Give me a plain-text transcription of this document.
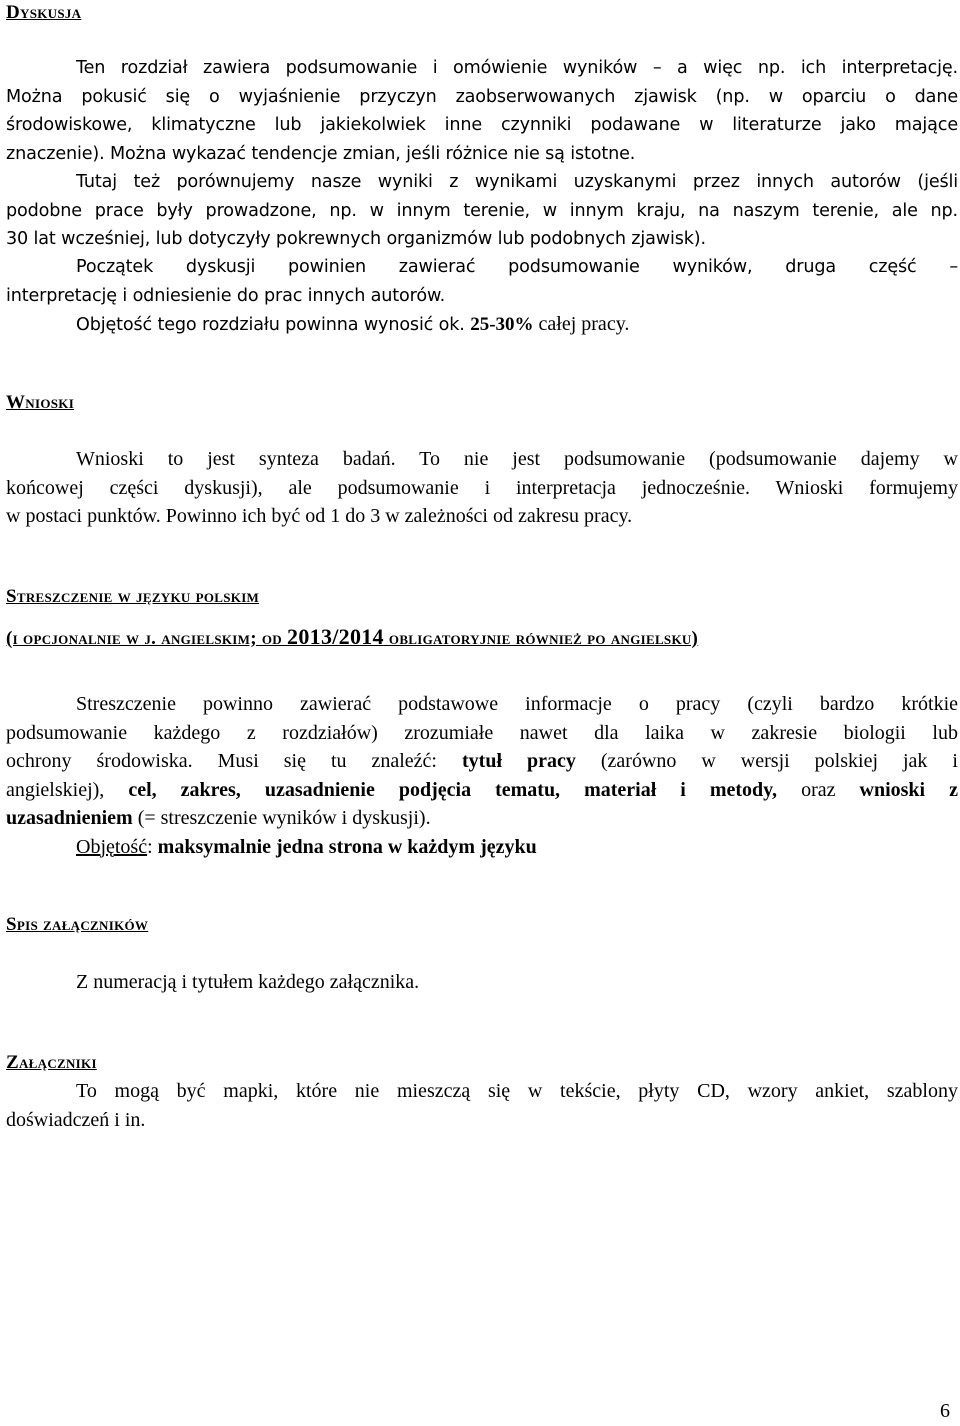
Dyskusja
Ten rozdział zawiera podsumowanie i omówienie wyników – a więc np. ich interpretację.
Można pokusić się o wyjaśnienie przyczyn zaobserwowanych zjawisk (np. w oparciu o dane
środowiskowe, klimatyczne lub jakiekolwiek inne czynniki podawane w literaturze jako mające
znaczenie). Można wykazać tendencje zmian, jeśli różnice nie są istotne.
Tutaj też porównujemy nasze wyniki z wynikami uzyskanymi przez innych autorów (jeśli
podobne prace były prowadzone, np. w innym terenie, w innym kraju, na naszym terenie, ale np.
30 lat wcześniej, lub dotyczyły pokrewnych organizmów lub podobnych zjawisk).
Początek dyskusji powinien zawierać podsumowanie wyników, druga część –
interpretację i odniesienie do prac innych autorów.
Objętość tego rozdziału powinna wynosić ok. 25-30% całej pracy.
Wnioski
Wnioski to jest synteza badań. To nie jest podsumowanie (podsumowanie dajemy w
końcowej części dyskusji), ale podsumowanie i interpretacja jednocześnie. Wnioski formujemy
w postaci punktów. Powinno ich być od 1 do 3 w zależności od zakresu pracy.
Streszczenie w języku polskim
(i opcjonalnie w j. angielskim; od 2013/2014 obligatoryjnie również po angielsku)
Streszczenie powinno zawierać podstawowe informacje o pracy (czyli bardzo krótkie
podsumowanie każdego z rozdziałów) zrozumiałe nawet dla laika w zakresie biologii lub
ochrony środowiska. Musi się tu znaleźć: tytuł pracy (zarówno w wersji polskiej jak i
angielskiej), cel, zakres, uzasadnienie podjęcia tematu, materiał i metody, oraz wnioski z
uzasadnieniem (= streszczenie wyników i dyskusji).
Objętość: maksymalnie jedna strona w każdym języku
Spis załączników
Z numeracją i tytułem każdego załącznika.
Załączniki
To mogą być mapki, które nie mieszczą się w tekście, płyty CD, wzory ankiet, szablony
doświadczeń i in.
6
